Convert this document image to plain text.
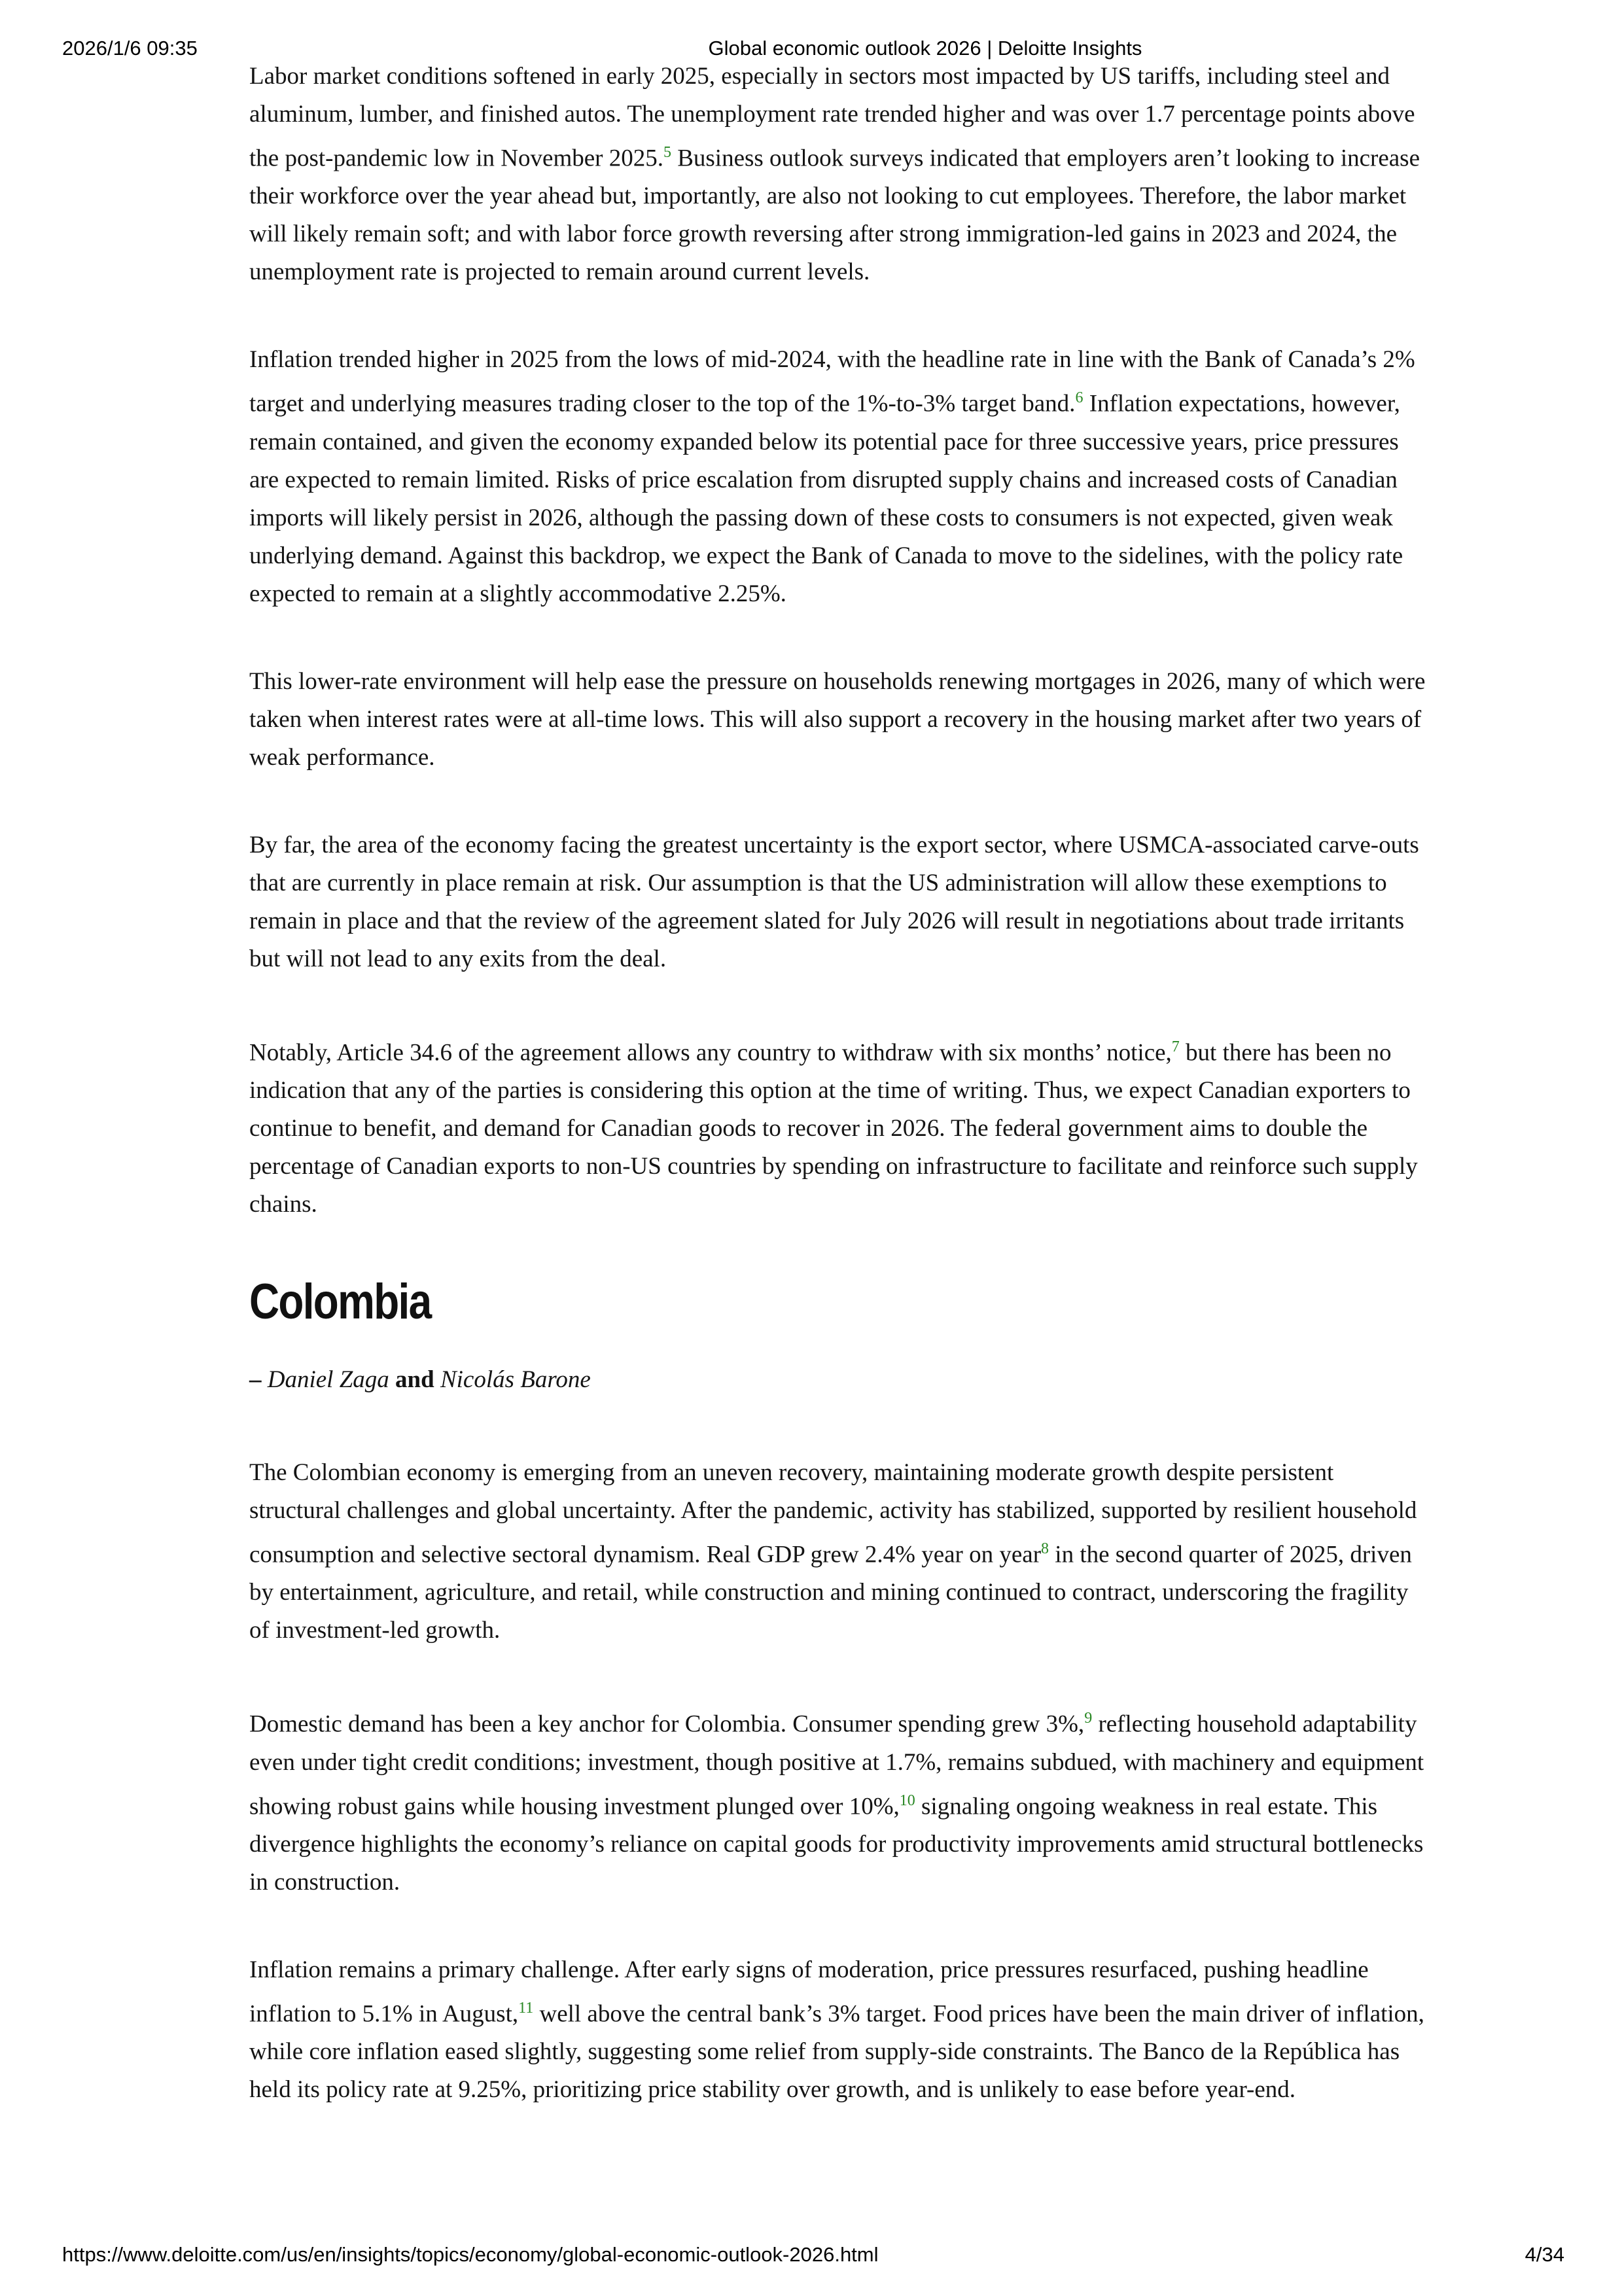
2026/1/6 09:35	Global economic outlook 2026 | Deloitte Insights

Labor market conditions softened in early 2025, especially in sectors most impacted by US tariffs, including steel and aluminum, lumber, and finished autos. The unemployment rate trended higher and was over 1.7 percentage points above the post-pandemic low in November 2025.$^5$ Business outlook surveys indicated that employers aren’t looking to increase their workforce over the year ahead but, importantly, are also not looking to cut employees. Therefore, the labor market will likely remain soft; and with labor force growth reversing after strong immigration-led gains in 2023 and 2024, the unemployment rate is projected to remain around current levels.

Inflation trended higher in 2025 from the lows of mid-2024, with the headline rate in line with the Bank of Canada’s 2% target and underlying measures trading closer to the top of the 1%-to-3% target band.$^6$ Inflation expectations, however, remain contained, and given the economy expanded below its potential pace for three successive years, price pressures are expected to remain limited. Risks of price escalation from disrupted supply chains and increased costs of Canadian imports will likely persist in 2026, although the passing down of these costs to consumers is not expected, given weak underlying demand. Against this backdrop, we expect the Bank of Canada to move to the sidelines, with the policy rate expected to remain at a slightly accommodative 2.25%.

This lower-rate environment will help ease the pressure on households renewing mortgages in 2026, many of which were taken when interest rates were at all-time lows. This will also support a recovery in the housing market after two years of weak performance.

By far, the area of the economy facing the greatest uncertainty is the export sector, where USMCA-associated carve-outs that are currently in place remain at risk. Our assumption is that the US administration will allow these exemptions to remain in place and that the review of the agreement slated for July 2026 will result in negotiations about trade irritants but will not lead to any exits from the deal.

Notably, Article 34.6 of the agreement allows any country to withdraw with six months’ notice,$^7$ but there has been no indication that any of the parties is considering this option at the time of writing. Thus, we expect Canadian exporters to continue to benefit, and demand for Canadian goods to recover in 2026. The federal government aims to double the percentage of Canadian exports to non-US countries by spending on infrastructure to facilitate and reinforce such supply chains.

Colombia

– Daniel Zaga and Nicolás Barone

The Colombian economy is emerging from an uneven recovery, maintaining moderate growth despite persistent structural challenges and global uncertainty. After the pandemic, activity has stabilized, supported by resilient household consumption and selective sectoral dynamism. Real GDP grew 2.4% year on year$^8$ in the second quarter of 2025, driven by entertainment, agriculture, and retail, while construction and mining continued to contract, underscoring the fragility of investment-led growth.

Domestic demand has been a key anchor for Colombia. Consumer spending grew 3%,$^9$ reflecting household adaptability even under tight credit conditions; investment, though positive at 1.7%, remains subdued, with machinery and equipment showing robust gains while housing investment plunged over 10%,$^{10}$ signaling ongoing weakness in real estate. This divergence highlights the economy’s reliance on capital goods for productivity improvements amid structural bottlenecks in construction.

Inflation remains a primary challenge. After early signs of moderation, price pressures resurfaced, pushing headline inflation to 5.1% in August,$^{11}$ well above the central bank’s 3% target. Food prices have been the main driver of inflation, while core inflation eased slightly, suggesting some relief from supply-side constraints. The Banco de la República has held its policy rate at 9.25%, prioritizing price stability over growth, and is unlikely to ease before year-end.

https://www.deloitte.com/us/en/insights/topics/economy/global-economic-outlook-2026.html	4/34
